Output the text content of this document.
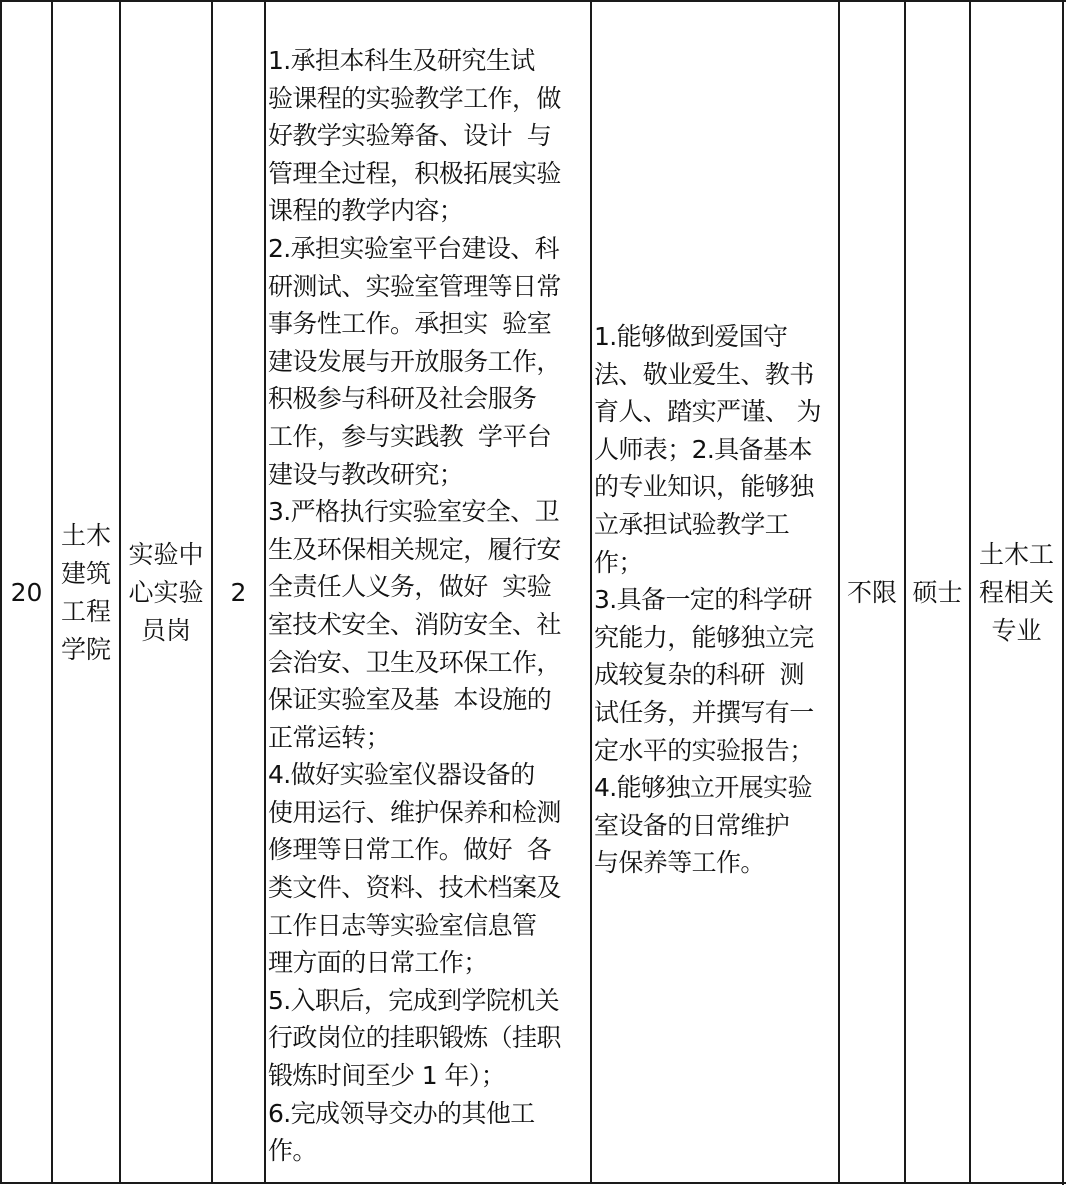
20
土木
建筑
工程
学院
实验中
心实验
员岗
2
1.承担本科生及研究生试
验课程的实验教学工作，做
好教学实验筹备、设计  与
管理全过程，积极拓展实验
课程的教学内容；
2.承担实验室平台建设、科
研测试、实验室管理等日常
事务性工作。承担实  验室
建设发展与开放服务工作，
积极参与科研及社会服务
工作，参与实践教  学平台
建设与教改研究；
3.严格执行实验室安全、卫
生及环保相关规定，履行安
全责任人义务，做好  实验
室技术安全、消防安全、社
会治安、卫生及环保工作，
保证实验室及基  本设施的
正常运转；
4.做好实验室仪器设备的
使用运行、维护保养和检测
修理等日常工作。做好  各
类文件、资料、技术档案及
工作日志等实验室信息管
理方面的日常工作；
5.入职后，完成到学院机关
行政岗位的挂职锻炼（挂职
锻炼时间至少 1 年）；
6.完成领导交办的其他工
作。
1.能够做到爱国守
法、敬业爱生、教书
育人、踏实严谨、 为
人师表；2.具备基本
的专业知识，能够独
立承担试验教学工
作；
3.具备一定的科学研
究能力，能够独立完
成较复杂的科研  测
试任务，并撰写有一
定水平的实验报告；
4.能够独立开展实验
室设备的日常维护
与保养等工作。
不限 硕士
土木工
程相关
专业
